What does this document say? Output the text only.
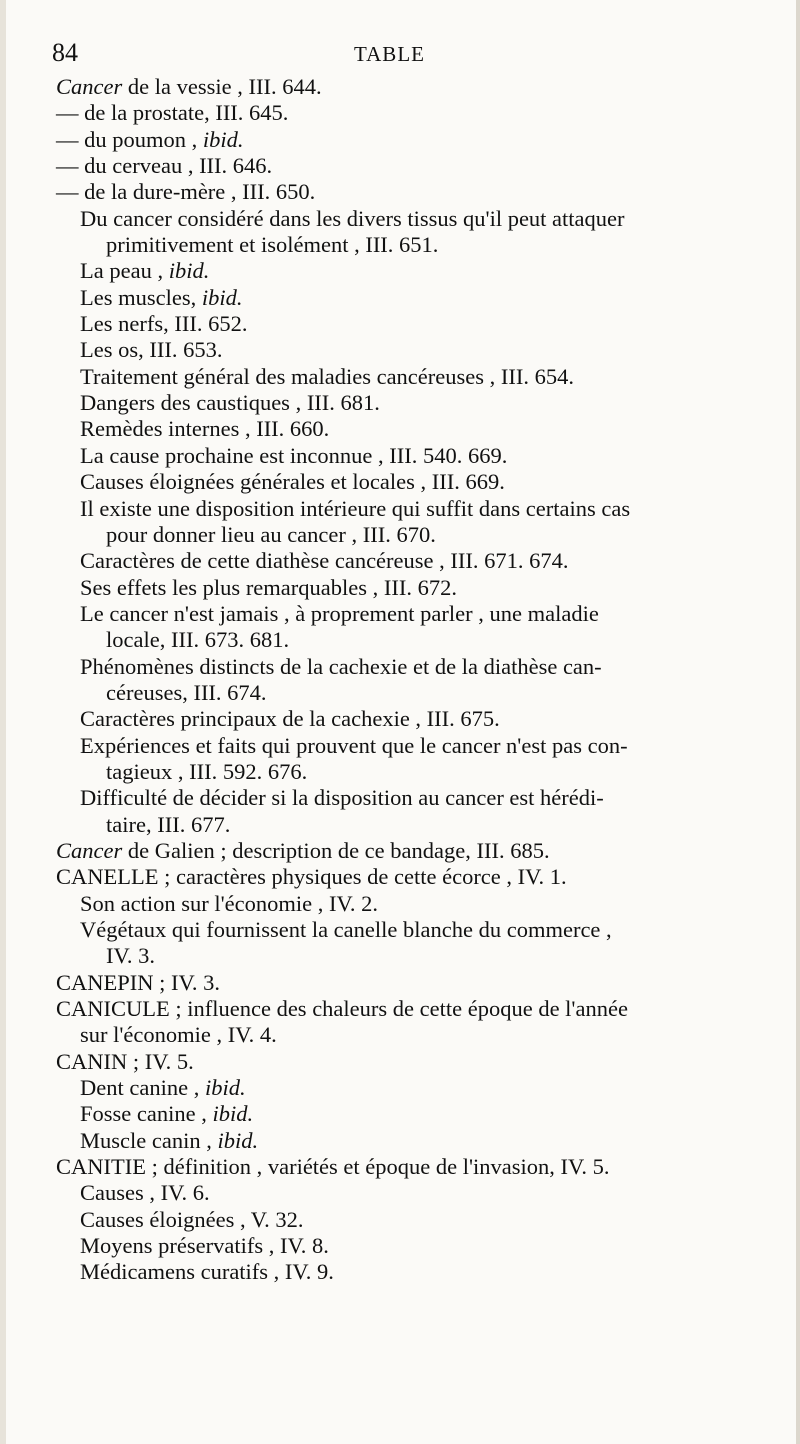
84	TABLE
Cancer de la vessie , III. 644.
— de la prostate, III. 645.
— du poumon , ibid.
— du cerveau , III. 646.
— de la dure-mère , III. 650.
Du cancer considéré dans les divers tissus qu'il peut attaquer
primitivement et isolément , III. 651.
La peau , ibid.
Les muscles, ibid.
Les nerfs, III. 652.
Les os, III. 653.
Traitement général des maladies cancéreuses , III. 654.
Dangers des caustiques , III. 681.
Remèdes internes , III. 660.
La cause prochaine est inconnue , III. 540. 669.
Causes éloignées générales et locales , III. 669.
Il existe une disposition intérieure qui suffit dans certains cas
pour donner lieu au cancer , III. 670.
Caractères de cette diathèse cancéreuse , III. 671. 674.
Ses effets les plus remarquables , III. 672.
Le cancer n'est jamais , à proprement parler , une maladie
locale, III. 673. 681.
Phénomènes distincts de la cachexie et de la diathèse can-
céreuses, III. 674.
Caractères principaux de la cachexie , III. 675.
Expériences et faits qui prouvent que le cancer n'est pas con-
tagieux , III. 592. 676.
Difficulté de décider si la disposition au cancer est hérédi-
taire, III. 677.
Cancer de Galien ; description de ce bandage, III. 685.
CANELLE ; caractères physiques de cette écorce , IV. 1.
Son action sur l'économie , IV. 2.
Végétaux qui fournissent la canelle blanche du commerce ,
IV. 3.
CANEPIN ; IV. 3.
CANICULE ; influence des chaleurs de cette époque de l'année
sur l'économie , IV. 4.
CANIN ; IV. 5.
Dent canine , ibid.
Fosse canine , ibid.
Muscle canin , ibid.
CANITIE ; définition , variétés et époque de l'invasion, IV. 5.
Causes , IV. 6.
Causes éloignées , V. 32.
Moyens préservatifs , IV. 8.
Médicamens curatifs , IV. 9.
